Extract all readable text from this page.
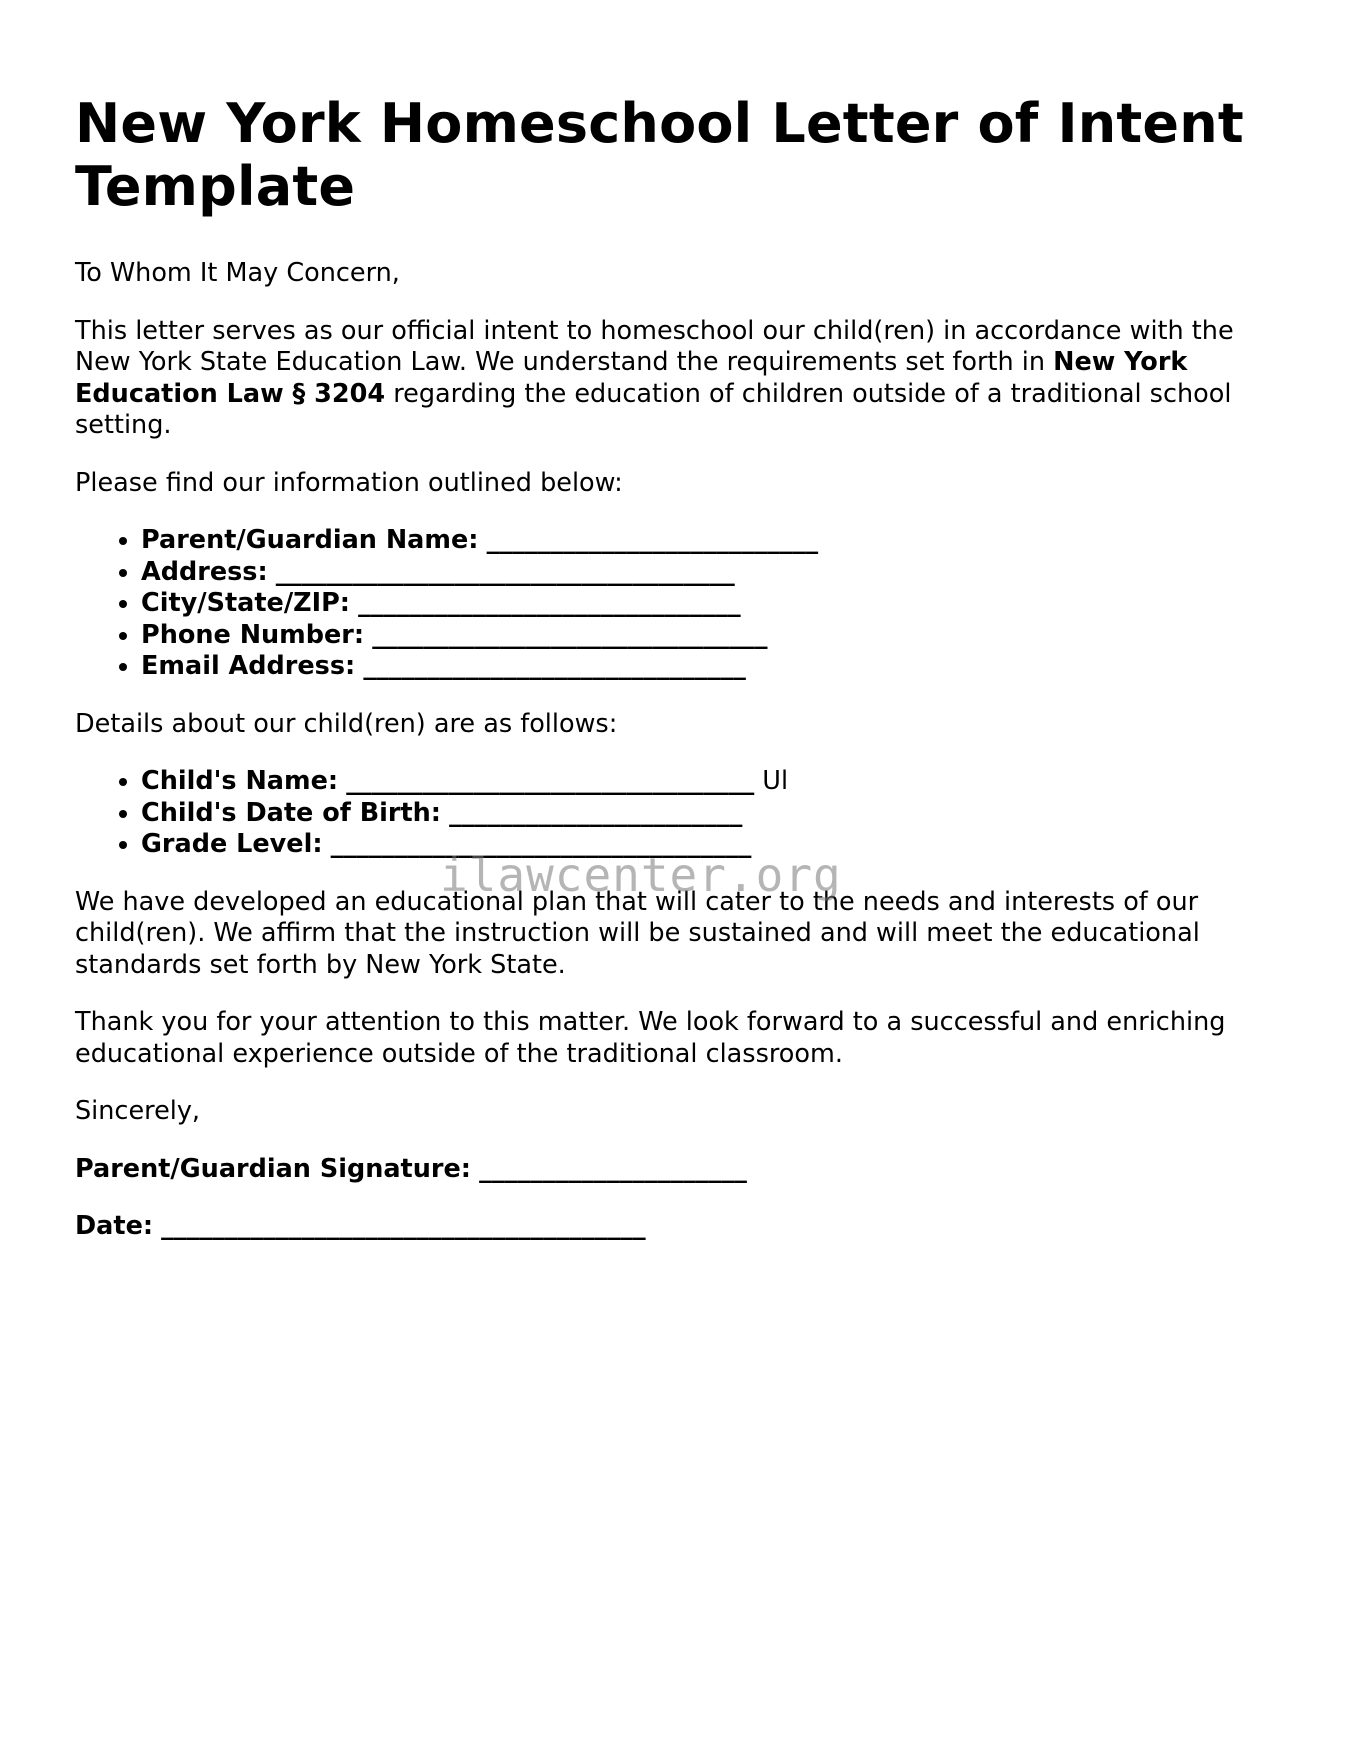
New York Homeschool Letter of Intent Template

To Whom It May Concern,

This letter serves as our official intent to homeschool our child(ren) in accordance with the New York State Education Law. We understand the requirements set forth in New York Education Law § 3204 regarding the education of children outside of a traditional school setting.

Please find our information outlined below:

• Parent/Guardian Name: __________________________
• Address: ____________________________________
• City/State/ZIP: ______________________________
• Phone Number: _______________________________
• Email Address: ______________________________

Details about our child(ren) are as follows:

• Child's Name: ________________________________ Ul
• Child's Date of Birth: _______________________
• Grade Level: _________________________________

We have developed an educational plan that will cater to the needs and interests of our child(ren). We affirm that the instruction will be sustained and will meet the educational standards set forth by New York State.

Thank you for your attention to this matter. We look forward to a successful and enriching educational experience outside of the traditional classroom.

Sincerely,

Parent/Guardian Signature: _____________________

Date: ______________________________________

ilawcenter.org
